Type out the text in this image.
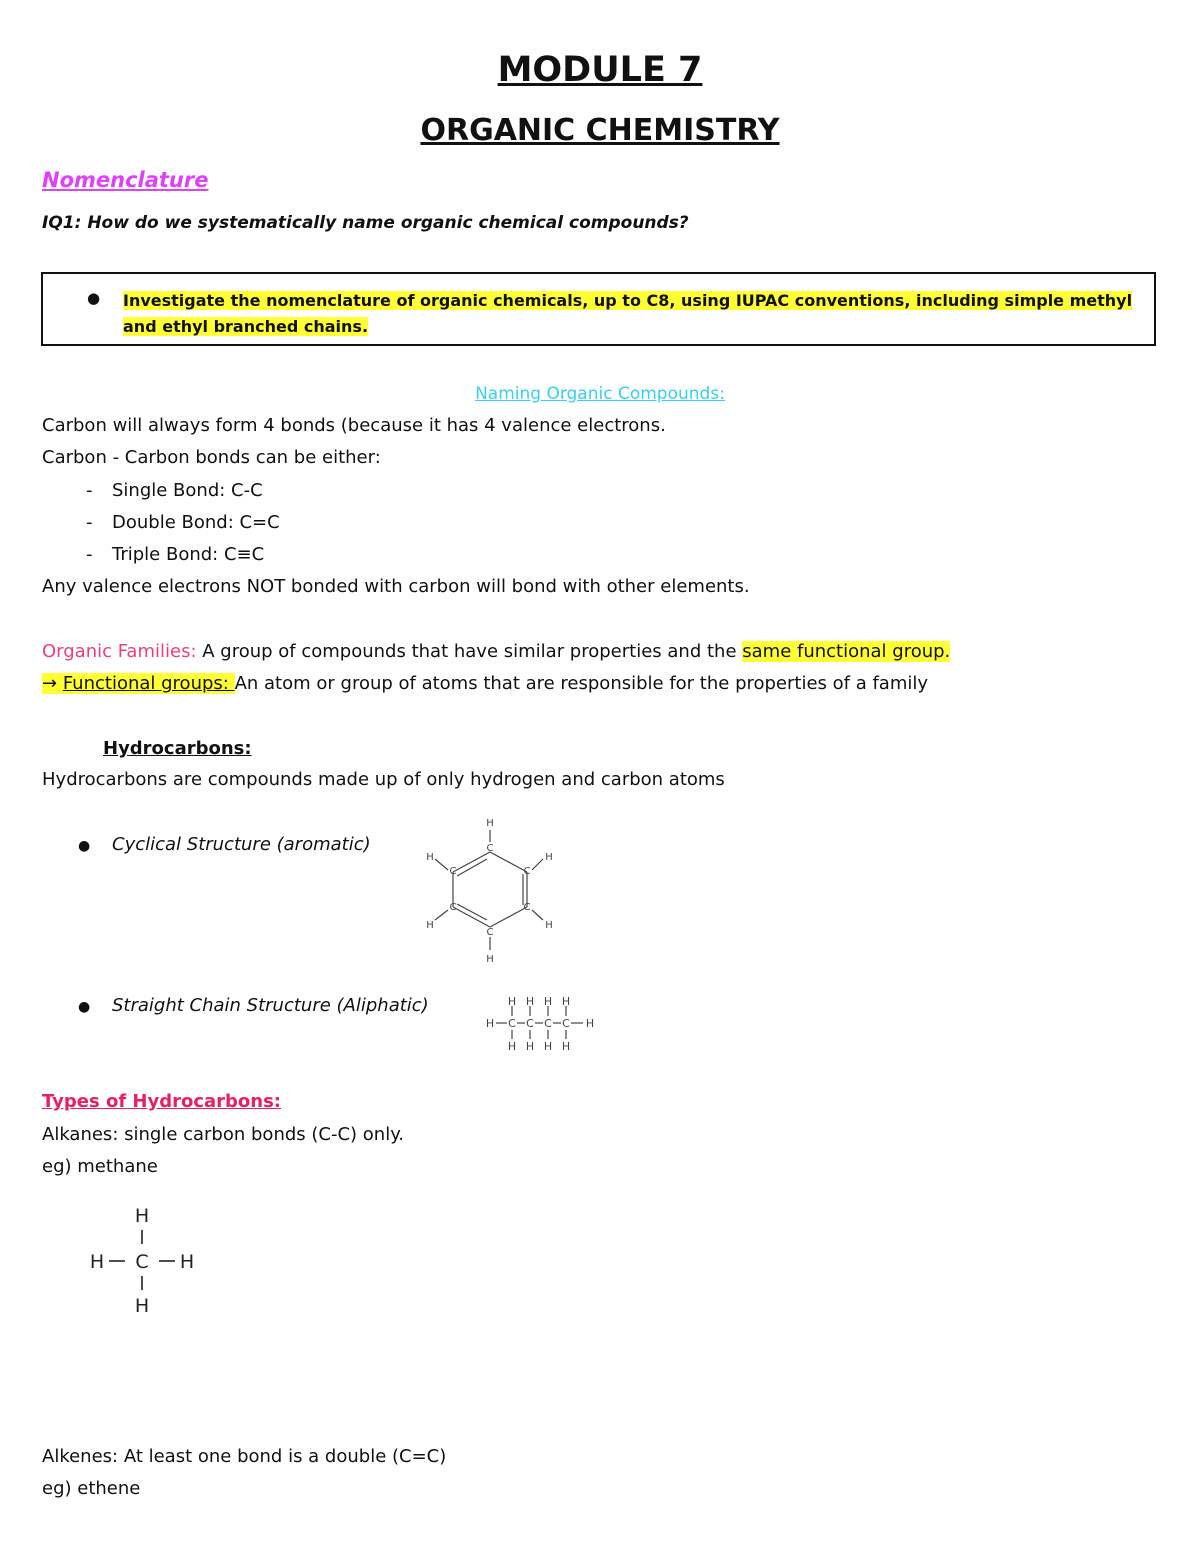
MODULE 7
ORGANIC CHEMISTRY
Nomenclature
IQ1: How do we systematically name organic chemical compounds?
● Investigate the nomenclature of organic chemicals, up to C8, using IUPAC conventions, including simple methyl and ethyl branched chains.
Naming Organic Compounds:
Carbon will always form 4 bonds (because it has 4 valence electrons.
Carbon - Carbon bonds can be either:
- Single Bond: C-C
- Double Bond: C=C
- Triple Bond: C≡C
Any valence electrons NOT bonded with carbon will bond with other elements.
Organic Families: A group of compounds that have similar properties and the same functional group.
→ Functional groups: An atom or group of atoms that are responsible for the properties of a family
Hydrocarbons:
Hydrocarbons are compounds made up of only hydrogen and carbon atoms
● Cyclical Structure (aromatic)
H
C
C	C
C	C
C
H
H	H
H	H
● Straight Chain Structure (Aliphatic)	H H H H
H C C C C H
H H H H
Types of Hydrocarbons:
Alkanes: single carbon bonds (C-C) only.
eg) methane
H
H C H
H
Alkenes: At least one bond is a double (C=C)
eg) ethene
